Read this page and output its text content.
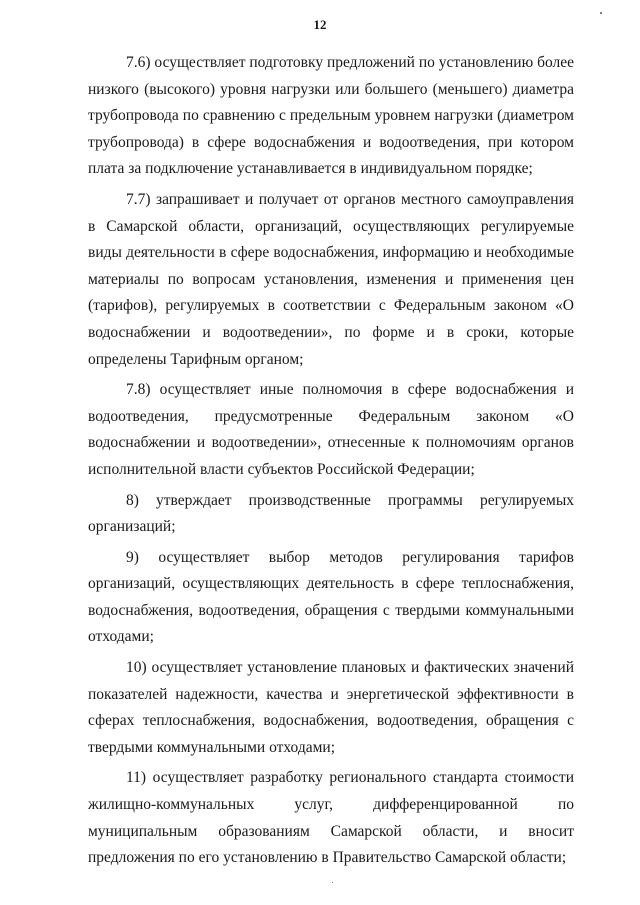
12

7.6) осуществляет подготовку предложений по установлению более низкого (высокого) уровня нагрузки или большего (меньшего) диаметра трубопровода по сравнению с предельным уровнем нагрузки (диаметром трубопровода) в сфере водоснабжения и водоотведения, при котором плата за подключение устанавливается в индивидуальном порядке;

7.7) запрашивает и получает от органов местного самоуправления в Самарской области, организаций, осуществляющих регулируемые виды деятельности в сфере водоснабжения, информацию и необходимые материалы по вопросам установления, изменения и применения цен (тарифов), регулируемых в соответствии с Федеральным законом «О водоснабжении и водоотведении», по форме и в сроки, которые определены Тарифным органом;

7.8) осуществляет иные полномочия в сфере водоснабжения и водоотведения, предусмотренные Федеральным законом «О водоснабжении и водоотведении», отнесенные к полномочиям органов исполнительной власти субъектов Российской Федерации;

8) утверждает производственные программы регулируемых организаций;

9) осуществляет выбор методов регулирования тарифов организаций, осуществляющих деятельность в сфере теплоснабжения, водоснабжения, водоотведения, обращения с твердыми коммунальными отходами;

10) осуществляет установление плановых и фактических значений показателей надежности, качества и энергетической эффективности в сферах теплоснабжения, водоснабжения, водоотведения, обращения с твердыми коммунальными отходами;

11) осуществляет разработку регионального стандарта стоимости жилищно-коммунальных услуг, дифференцированной по муниципальным образованиям Самарской области, и вносит предложения по его установлению в Правительство Самарской области;
